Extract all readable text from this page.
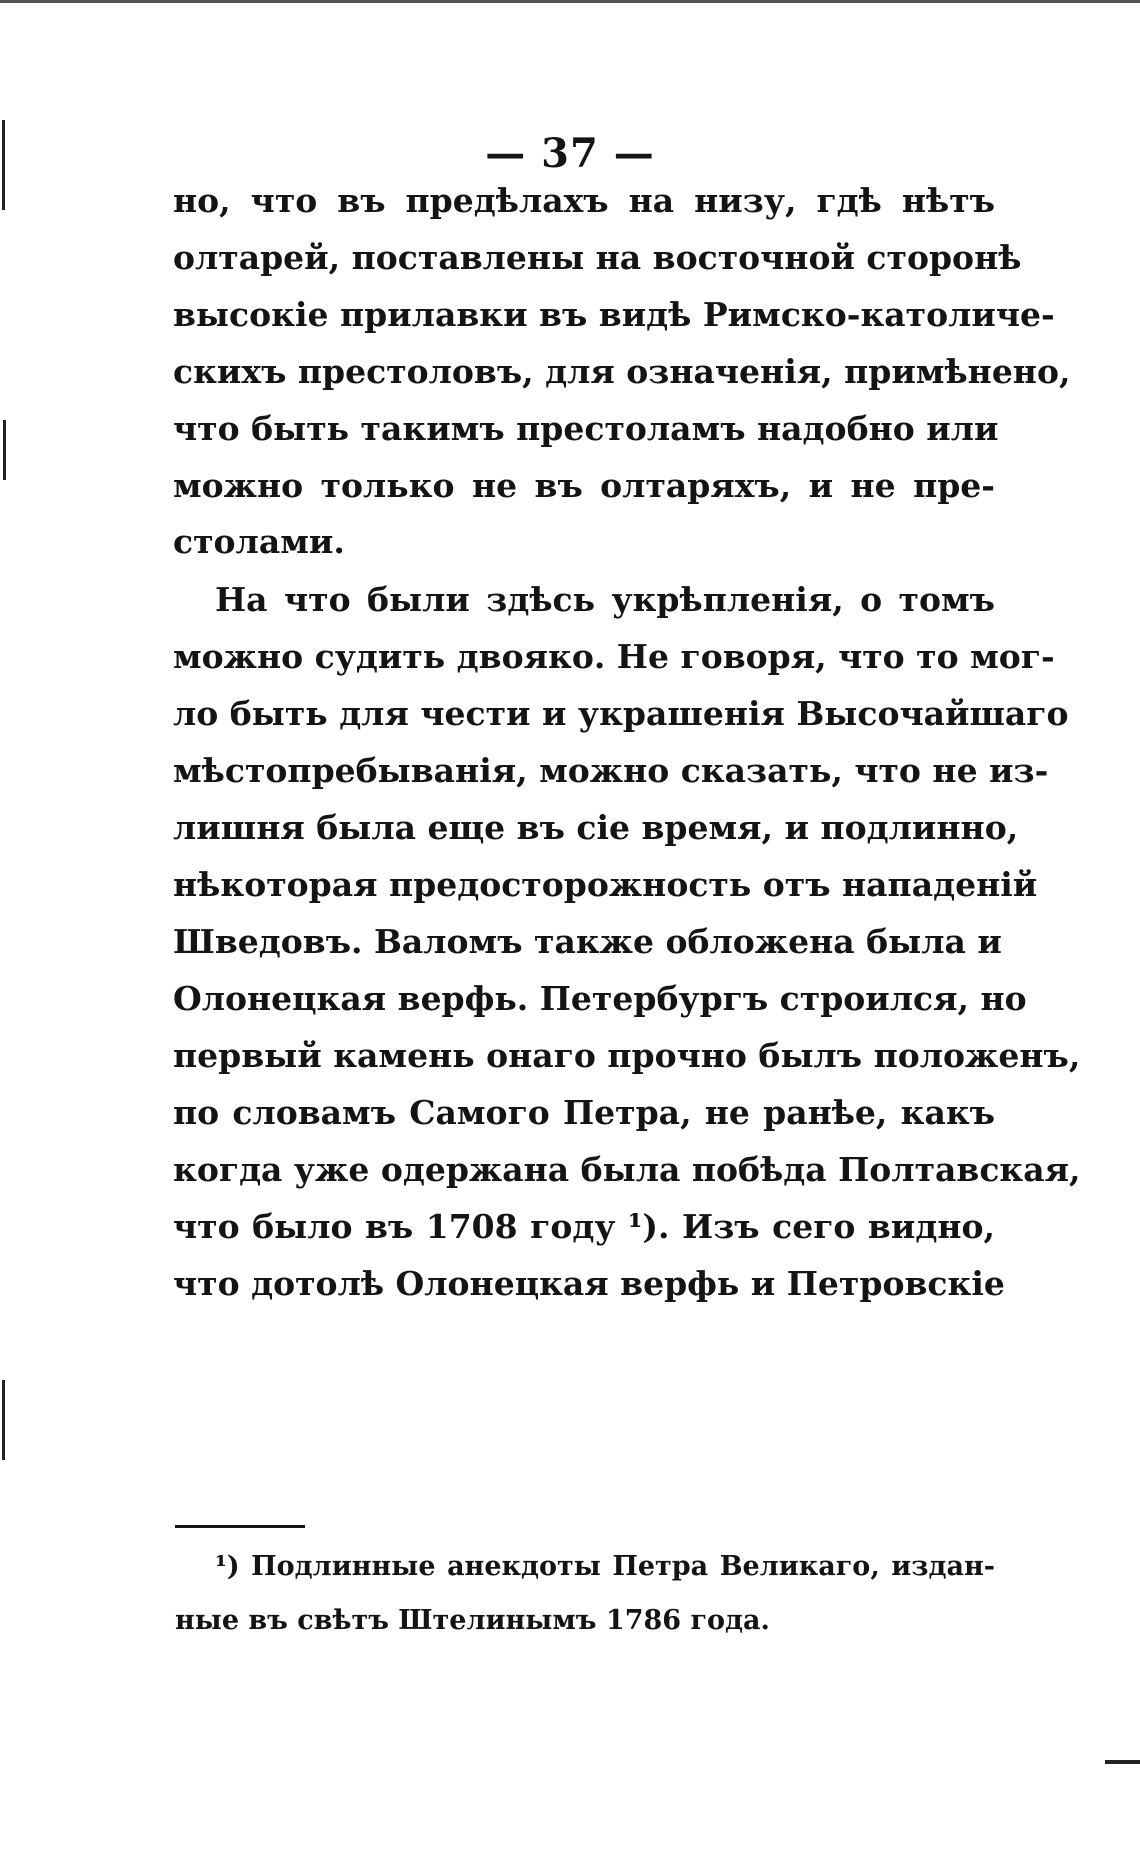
— 37 —
но, что въ предѣлахъ на низу, гдѣ нѣтъ
олтарей, поставлены на восточной сторонѣ
высокіе прилавки въ видѣ Римско-католиче-
скихъ престоловъ, для означенія, примѣнено,
что быть такимъ престоламъ надобно или
можно только не въ олтаряхъ, и не пре-
столами.
На что были здѣсь укрѣпленія, о томъ
можно судить двояко. Не говоря, что то мог-
ло быть для чести и украшенія Высочайшаго
мѣстопребыванія, можно сказать, что не из-
лишня была еще въ сіе время, и подлинно,
нѣкоторая предосторожность отъ нападеній
Шведовъ. Валомъ также обложена была и
Олонецкая верфь. Петербургъ строился, но
первый камень онаго прочно былъ положенъ,
по словамъ Самого Петра, не ранѣе, какъ
когда уже одержана была побѣда Полтавская,
что было въ 1708 году ¹). Изъ сего видно,
что дотолѣ Олонецкая верфь и Петровскіе
¹) Подлинные анекдоты Петра Великаго, издан-
ные въ свѣтъ Штелинымъ 1786 года.
